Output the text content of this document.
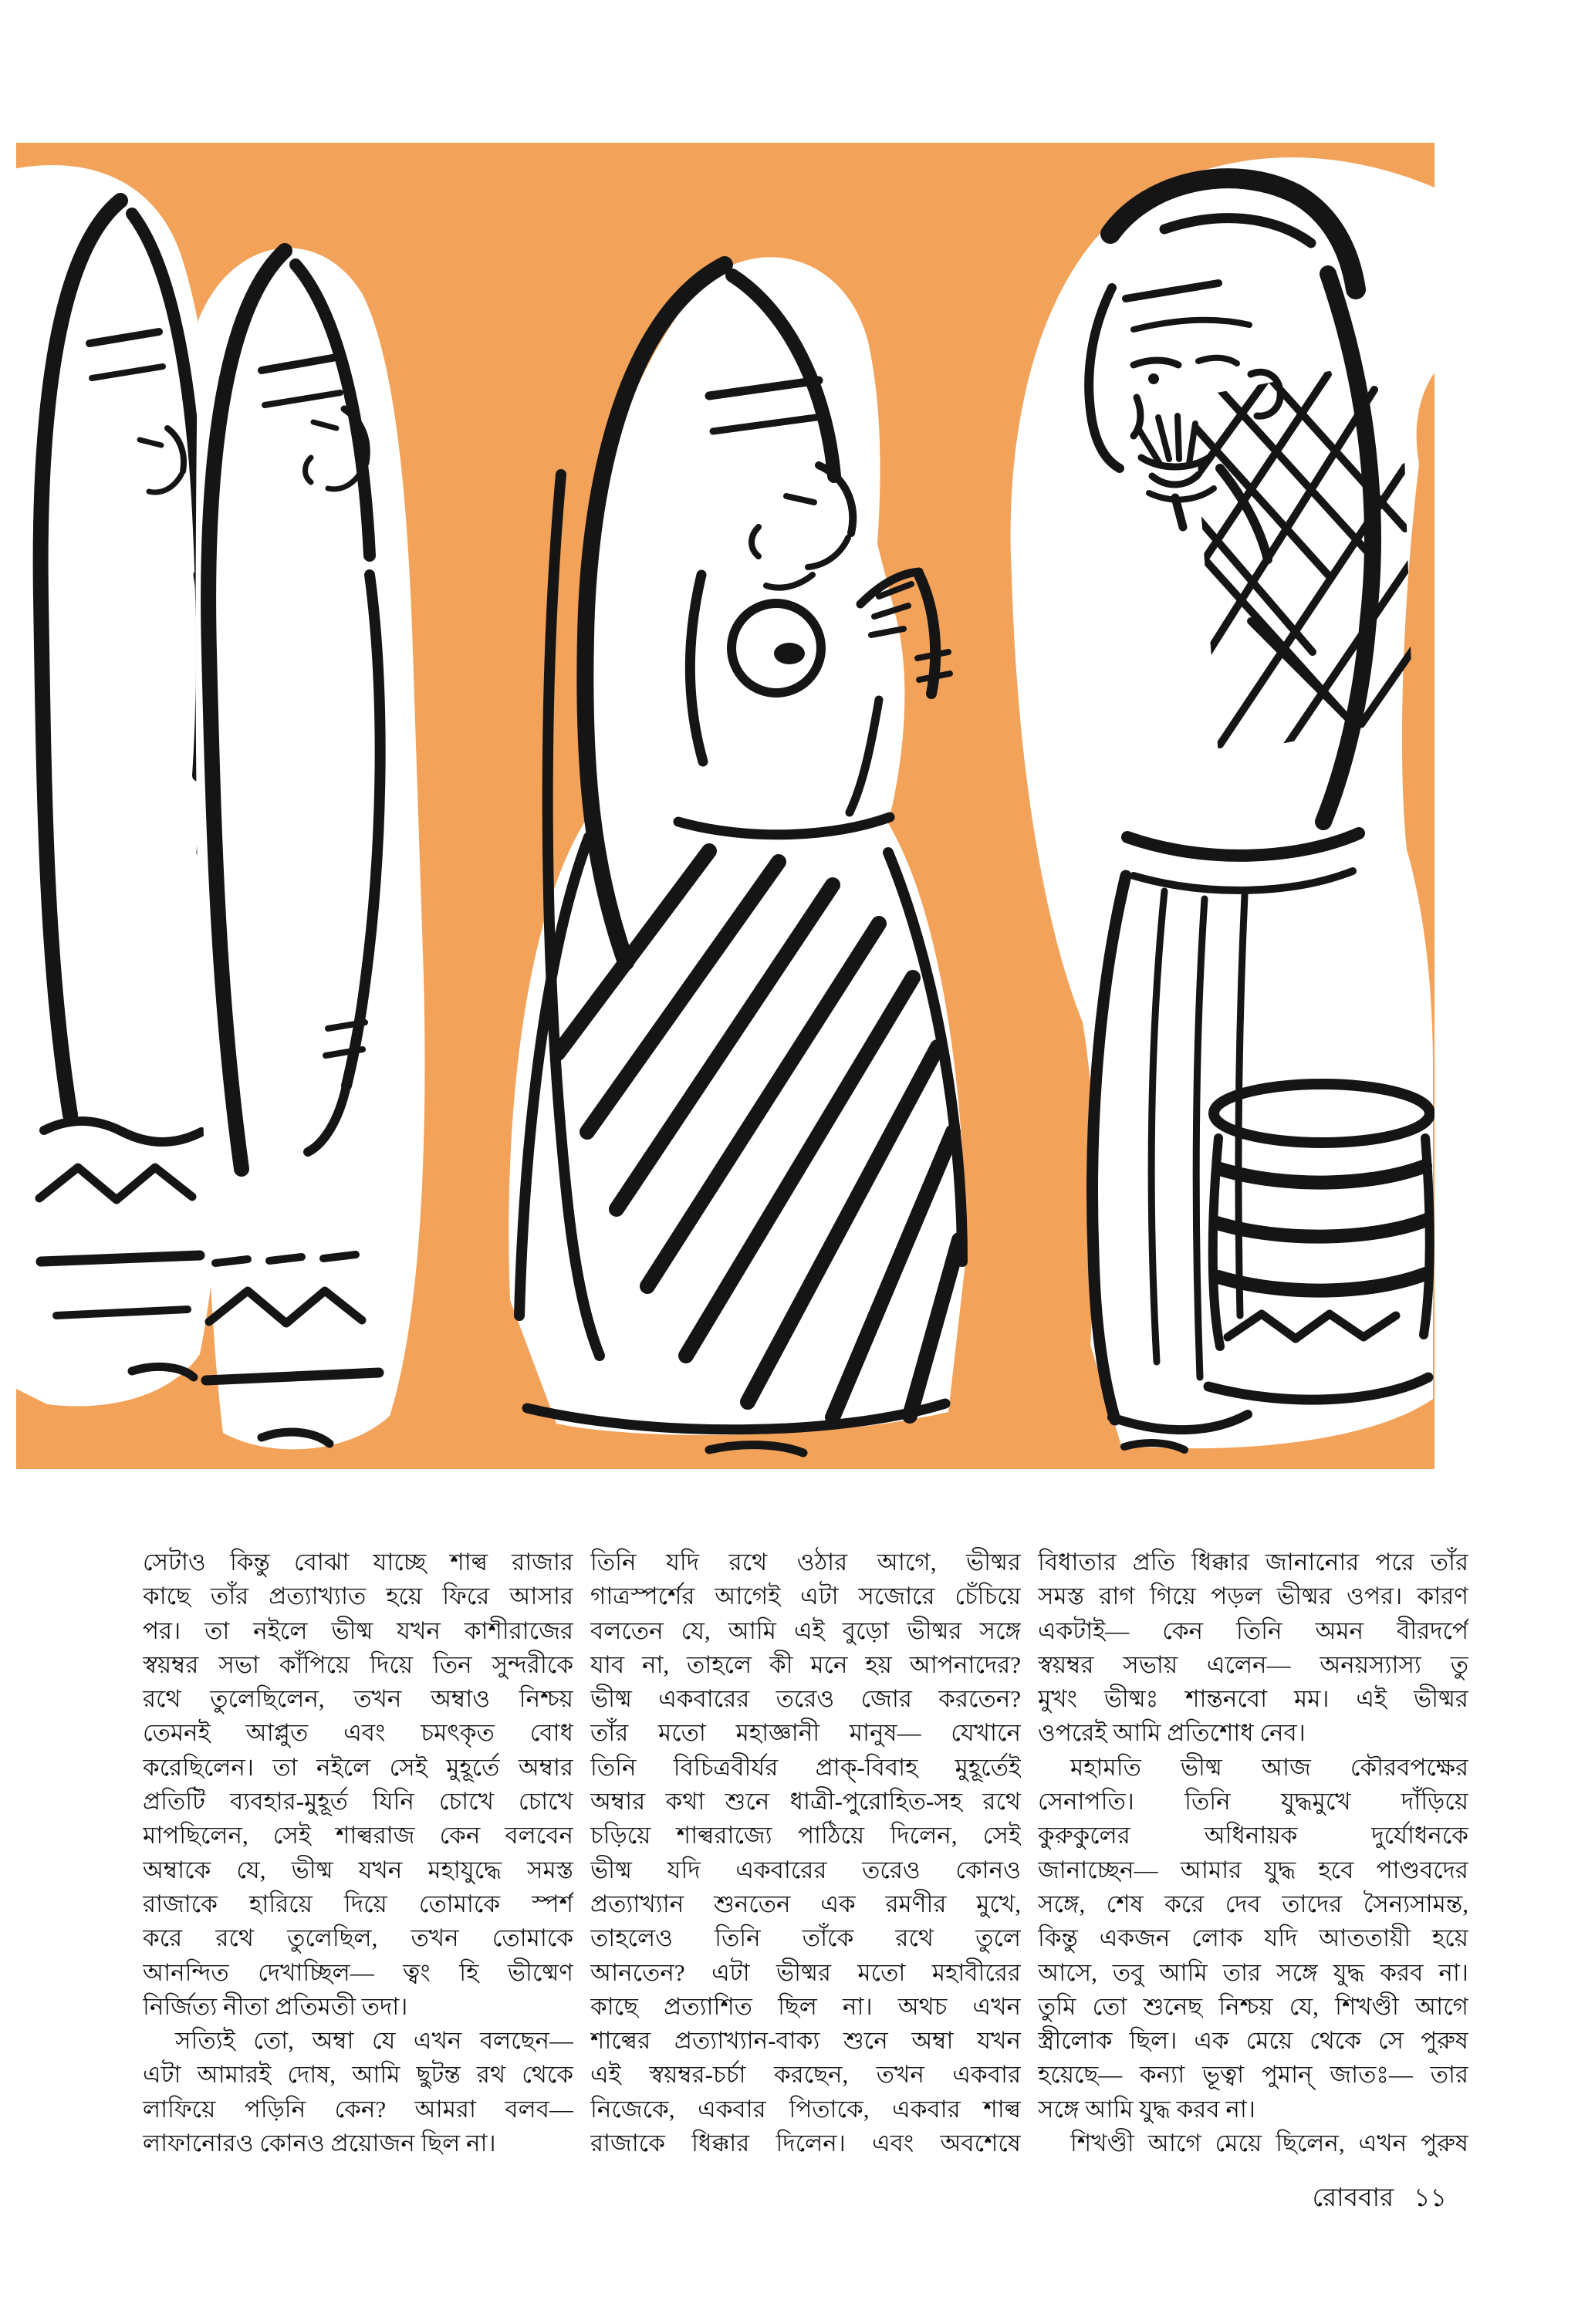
সেটাও কিন্তু বোঝা যাচ্ছে শাল্ব রাজার
কাছে তাঁর প্রত্যাখ্যাত হয়ে ফিরে আসার
পর। তা নইলে ভীষ্ম যখন কাশীরাজের
স্বয়ম্বর সভা কাঁপিয়ে দিয়ে তিন সুন্দরীকে
রথে তুলেছিলেন, তখন অম্বাও নিশ্চয়
তেমনই আপ্লুত এবং চমৎকৃত বোধ
করেছিলেন। তা নইলে সেই মুহূর্তে অম্বার
প্রতিটি ব্যবহার-মুহূর্ত যিনি চোখে চোখে
মাপছিলেন, সেই শাল্বরাজ কেন বলবেন
অম্বাকে যে, ভীষ্ম যখন মহাযুদ্ধে সমস্ত
রাজাকে হারিয়ে দিয়ে তোমাকে স্পর্শ
করে রথে তুলেছিল, তখন তোমাকে
আনন্দিত দেখাচ্ছিল— ত্বং হি ভীষ্মেণ
নির্জিত্য নীতা প্রতিমতী তদা।
সত্যিই তো, অম্বা যে এখন বলছেন—
এটা আমারই দোষ, আমি ছুটন্ত রথ থেকে
লাফিয়ে পড়িনি কেন? আমরা বলব—
লাফানোরও কোনও প্রয়োজন ছিল না।
তিনি যদি রথে ওঠার আগে, ভীষ্মর
গাত্রস্পর্শের আগেই এটা সজোরে চেঁচিয়ে
বলতেন যে, আমি এই বুড়ো ভীষ্মর সঙ্গে
যাব না, তাহলে কী মনে হয় আপনাদের?
ভীষ্ম একবারের তরেও জোর করতেন?
তাঁর মতো মহাজ্ঞানী মানুষ— যেখানে
তিনি বিচিত্রবীর্যর প্রাক্-বিবাহ মুহূর্তেই
অম্বার কথা শুনে ধাত্রী-পুরোহিত-সহ রথে
চড়িয়ে শাল্বরাজ্যে পাঠিয়ে দিলেন, সেই
ভীষ্ম যদি একবারের তরেও কোনও
প্রত্যাখ্যান শুনতেন এক রমণীর মুখে,
তাহলেও তিনি তাঁকে রথে তুলে
আনতেন? এটা ভীষ্মর মতো মহাবীরের
কাছে প্রত্যাশিত ছিল না। অথচ এখন
শাল্বের প্রত্যাখ্যান-বাক্য শুনে অম্বা যখন
এই স্বয়ম্বর-চর্চা করছেন, তখন একবার
নিজেকে, একবার পিতাকে, একবার শাল্ব
রাজাকে ধিক্কার দিলেন। এবং অবশেষে
বিধাতার প্রতি ধিক্কার জানানোর পরে তাঁর
সমস্ত রাগ গিয়ে পড়ল ভীষ্মর ওপর। কারণ
একটাই— কেন তিনি অমন বীরদর্পে
স্বয়ম্বর সভায় এলেন— অনয়স্যাস্য তু
মুখং ভীষ্মঃ শান্তনবো মম। এই ভীষ্মর
ওপরেই আমি প্রতিশোধ নেব।
মহামতি ভীষ্ম আজ কৌরবপক্ষের
সেনাপতি। তিনি যুদ্ধমুখে দাঁড়িয়ে
কুরুকুলের অধিনায়ক দুর্যোধনকে
জানাচ্ছেন— আমার যুদ্ধ হবে পাণ্ডবদের
সঙ্গে, শেষ করে দেব তাদের সৈন্যসামন্ত,
কিন্তু একজন লোক যদি আততায়ী হয়ে
আসে, তবু আমি তার সঙ্গে যুদ্ধ করব না।
তুমি তো শুনেছ নিশ্চয় যে, শিখণ্ডী আগে
স্ত্রীলোক ছিল। এক মেয়ে থেকে সে পুরুষ
হয়েছে— কন্যা ভূত্বা পুমান্ জাতঃ— তার
সঙ্গে আমি যুদ্ধ করব না।
শিখণ্ডী আগে মেয়ে ছিলেন, এখন পুরুষ
রোববার ১১
